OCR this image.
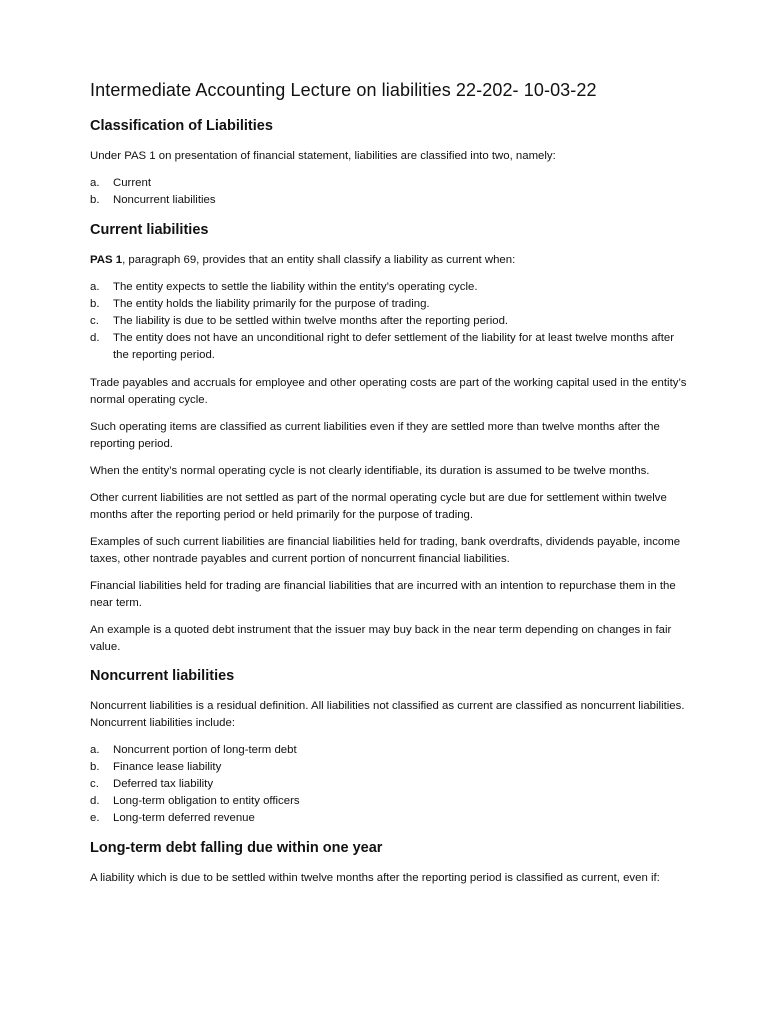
Intermediate Accounting Lecture on liabilities 22-202- 10-03-22
Classification of Liabilities

Under PAS 1 on presentation of financial statement, liabilities are classified into two, namely:

a.	Current
b.	Noncurrent liabilities
Current liabilities

PAS 1, paragraph 69, provides that an entity shall classify a liability as current when:

a.	The entity expects to settle the liability within the entity’s operating cycle.
b.	The entity holds the liability primarily for the purpose of trading.
c.	The liability is due to be settled within twelve months after the reporting period.
d.	The entity does not have an unconditional right to defer settlement of the liability for at least twelve months after the reporting period.

Trade payables and accruals for employee and other operating costs are part of the working capital used in the entity’s normal operating cycle.

Such operating items are classified as current liabilities even if they are settled more than twelve months after the reporting period.

When the entity’s normal operating cycle is not clearly identifiable, its duration is assumed to be twelve months.

Other current liabilities are not settled as part of the normal operating cycle but are due for settlement within twelve months after the reporting period or held primarily for the purpose of trading.

Examples of such current liabilities are financial liabilities held for trading, bank overdrafts, dividends payable, income taxes, other nontrade payables and current portion of noncurrent financial liabilities.

Financial liabilities held for trading are financial liabilities that are incurred with an intention to repurchase them in the near term.

An example is a quoted debt instrument that the issuer may buy back in the near term depending on changes in fair value.

Noncurrent liabilities

Noncurrent liabilities is a residual definition. All liabilities not classified as current are classified as noncurrent liabilities. Noncurrent liabilities include:

a.	Noncurrent portion of long-term debt
b.	Finance lease liability
c.	Deferred tax liability
d.	Long-term obligation to entity officers
e.	Long-term deferred revenue
Long-term debt falling due within one year

A liability which is due to be settled within twelve months after the reporting period is classified as current, even if:
